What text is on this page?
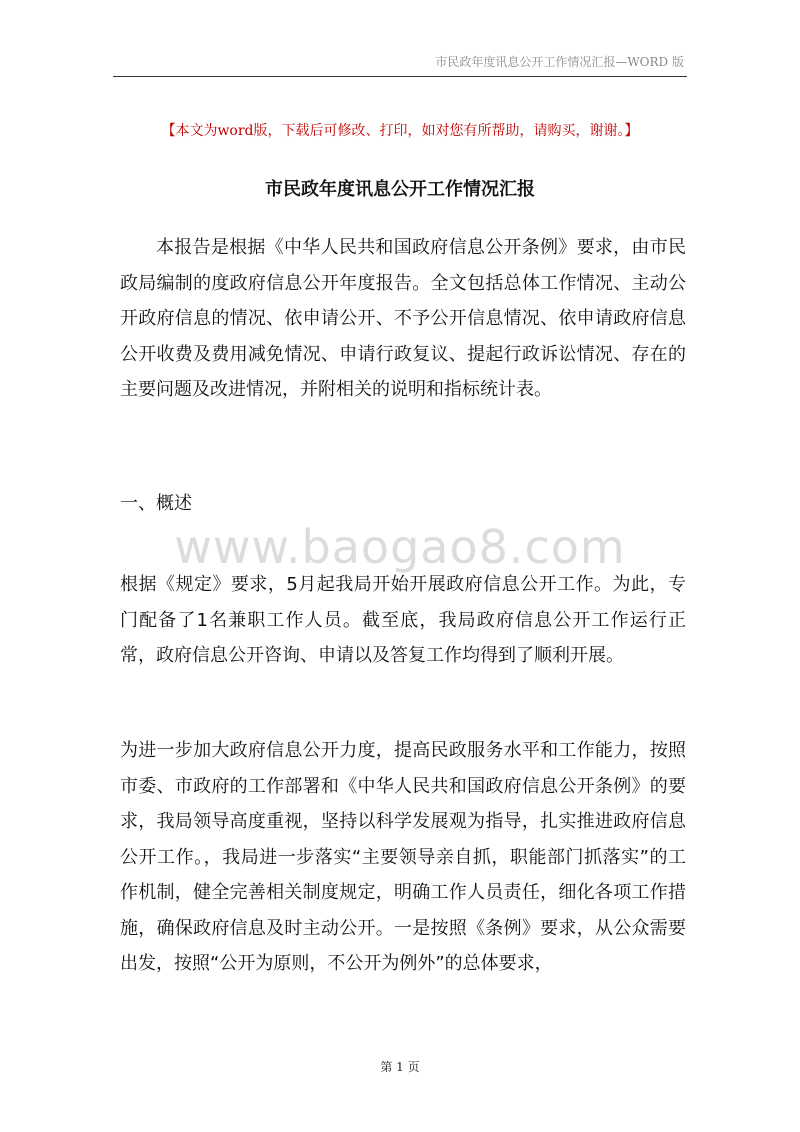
市民政年度讯息公开工作情况汇报—WORD 版
【本文为word版，下载后可修改、打印，如对您有所帮助，请购买，谢谢。】
市民政年度讯息公开工作情况汇报

本报告是根据《中华人民共和国政府信息公开条例》要求，由市民政局编制的度政府信息公开年度报告。全文包括总体工作情况、主动公开政府信息的情况、依申请公开、不予公开信息情况、依申请政府信息公开收费及费用减免情况、申请行政复议、提起行政诉讼情况、存在的主要问题及改进情况，并附相关的说明和指标统计表。

一、概述
www.baogao8.com

根据《规定》要求，5月起我局开始开展政府信息公开工作。为此，专门配备了1名兼职工作人员。截至底，我局政府信息公开工作运行正常，政府信息公开咨询、申请以及答复工作均得到了顺利开展。

为进一步加大政府信息公开力度，提高民政服务水平和工作能力，按照市委、市政府的工作部署和《中华人民共和国政府信息公开条例》的要求，我局领导高度重视，坚持以科学发展观为指导，扎实推进政府信息公开工作。，我局进一步落实“主要领导亲自抓，职能部门抓落实”的工作机制，健全完善相关制度规定，明确工作人员责任，细化各项工作措施，确保政府信息及时主动公开。一是按照《条例》要求，从公众需要出发，按照“公开为原则，不公开为例外”的总体要求，

第 1 页
